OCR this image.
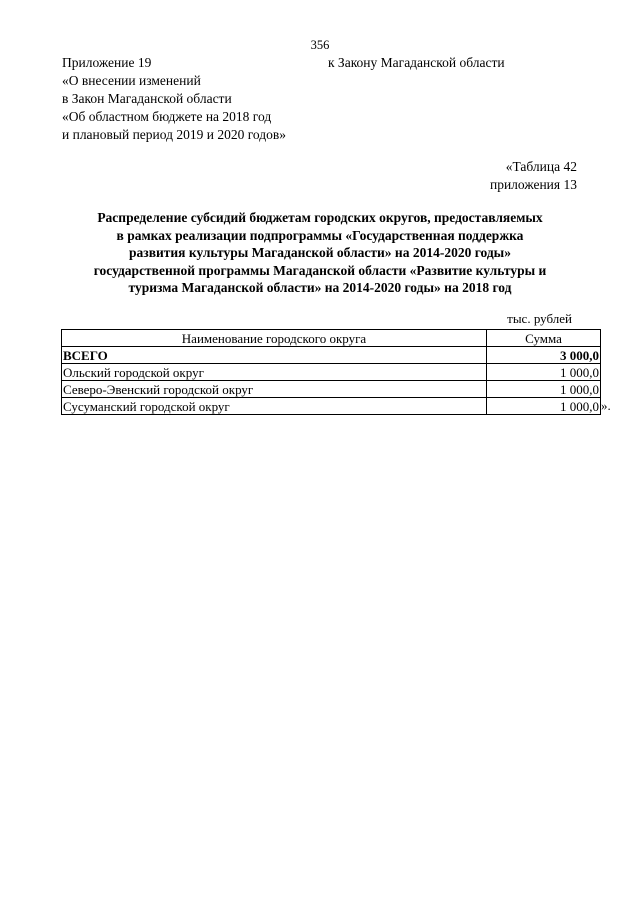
356
Приложение 19
«О внесении изменений
в Закон Магаданской области
«Об областном бюджете на 2018 год
и плановый период 2019 и 2020 годов»
к Закону Магаданской области
«Таблица 42
приложения 13
Распределение субсидий бюджетам городских округов, предоставляемых
в рамках реализации подпрограммы «Государственная поддержка
развития культуры Магаданской области» на 2014-2020 годы»
государственной программы Магаданской области «Развитие культуры и
туризма Магаданской области» на 2014-2020 годы» на 2018 год
тыс. рублей
Наименование городского округа	Сумма
ВСЕГО	3 000,0
Ольский городской округ	1 000,0
Северо-Эвенский городской округ	1 000,0
Сусуманский городской округ	1 000,0 ».
